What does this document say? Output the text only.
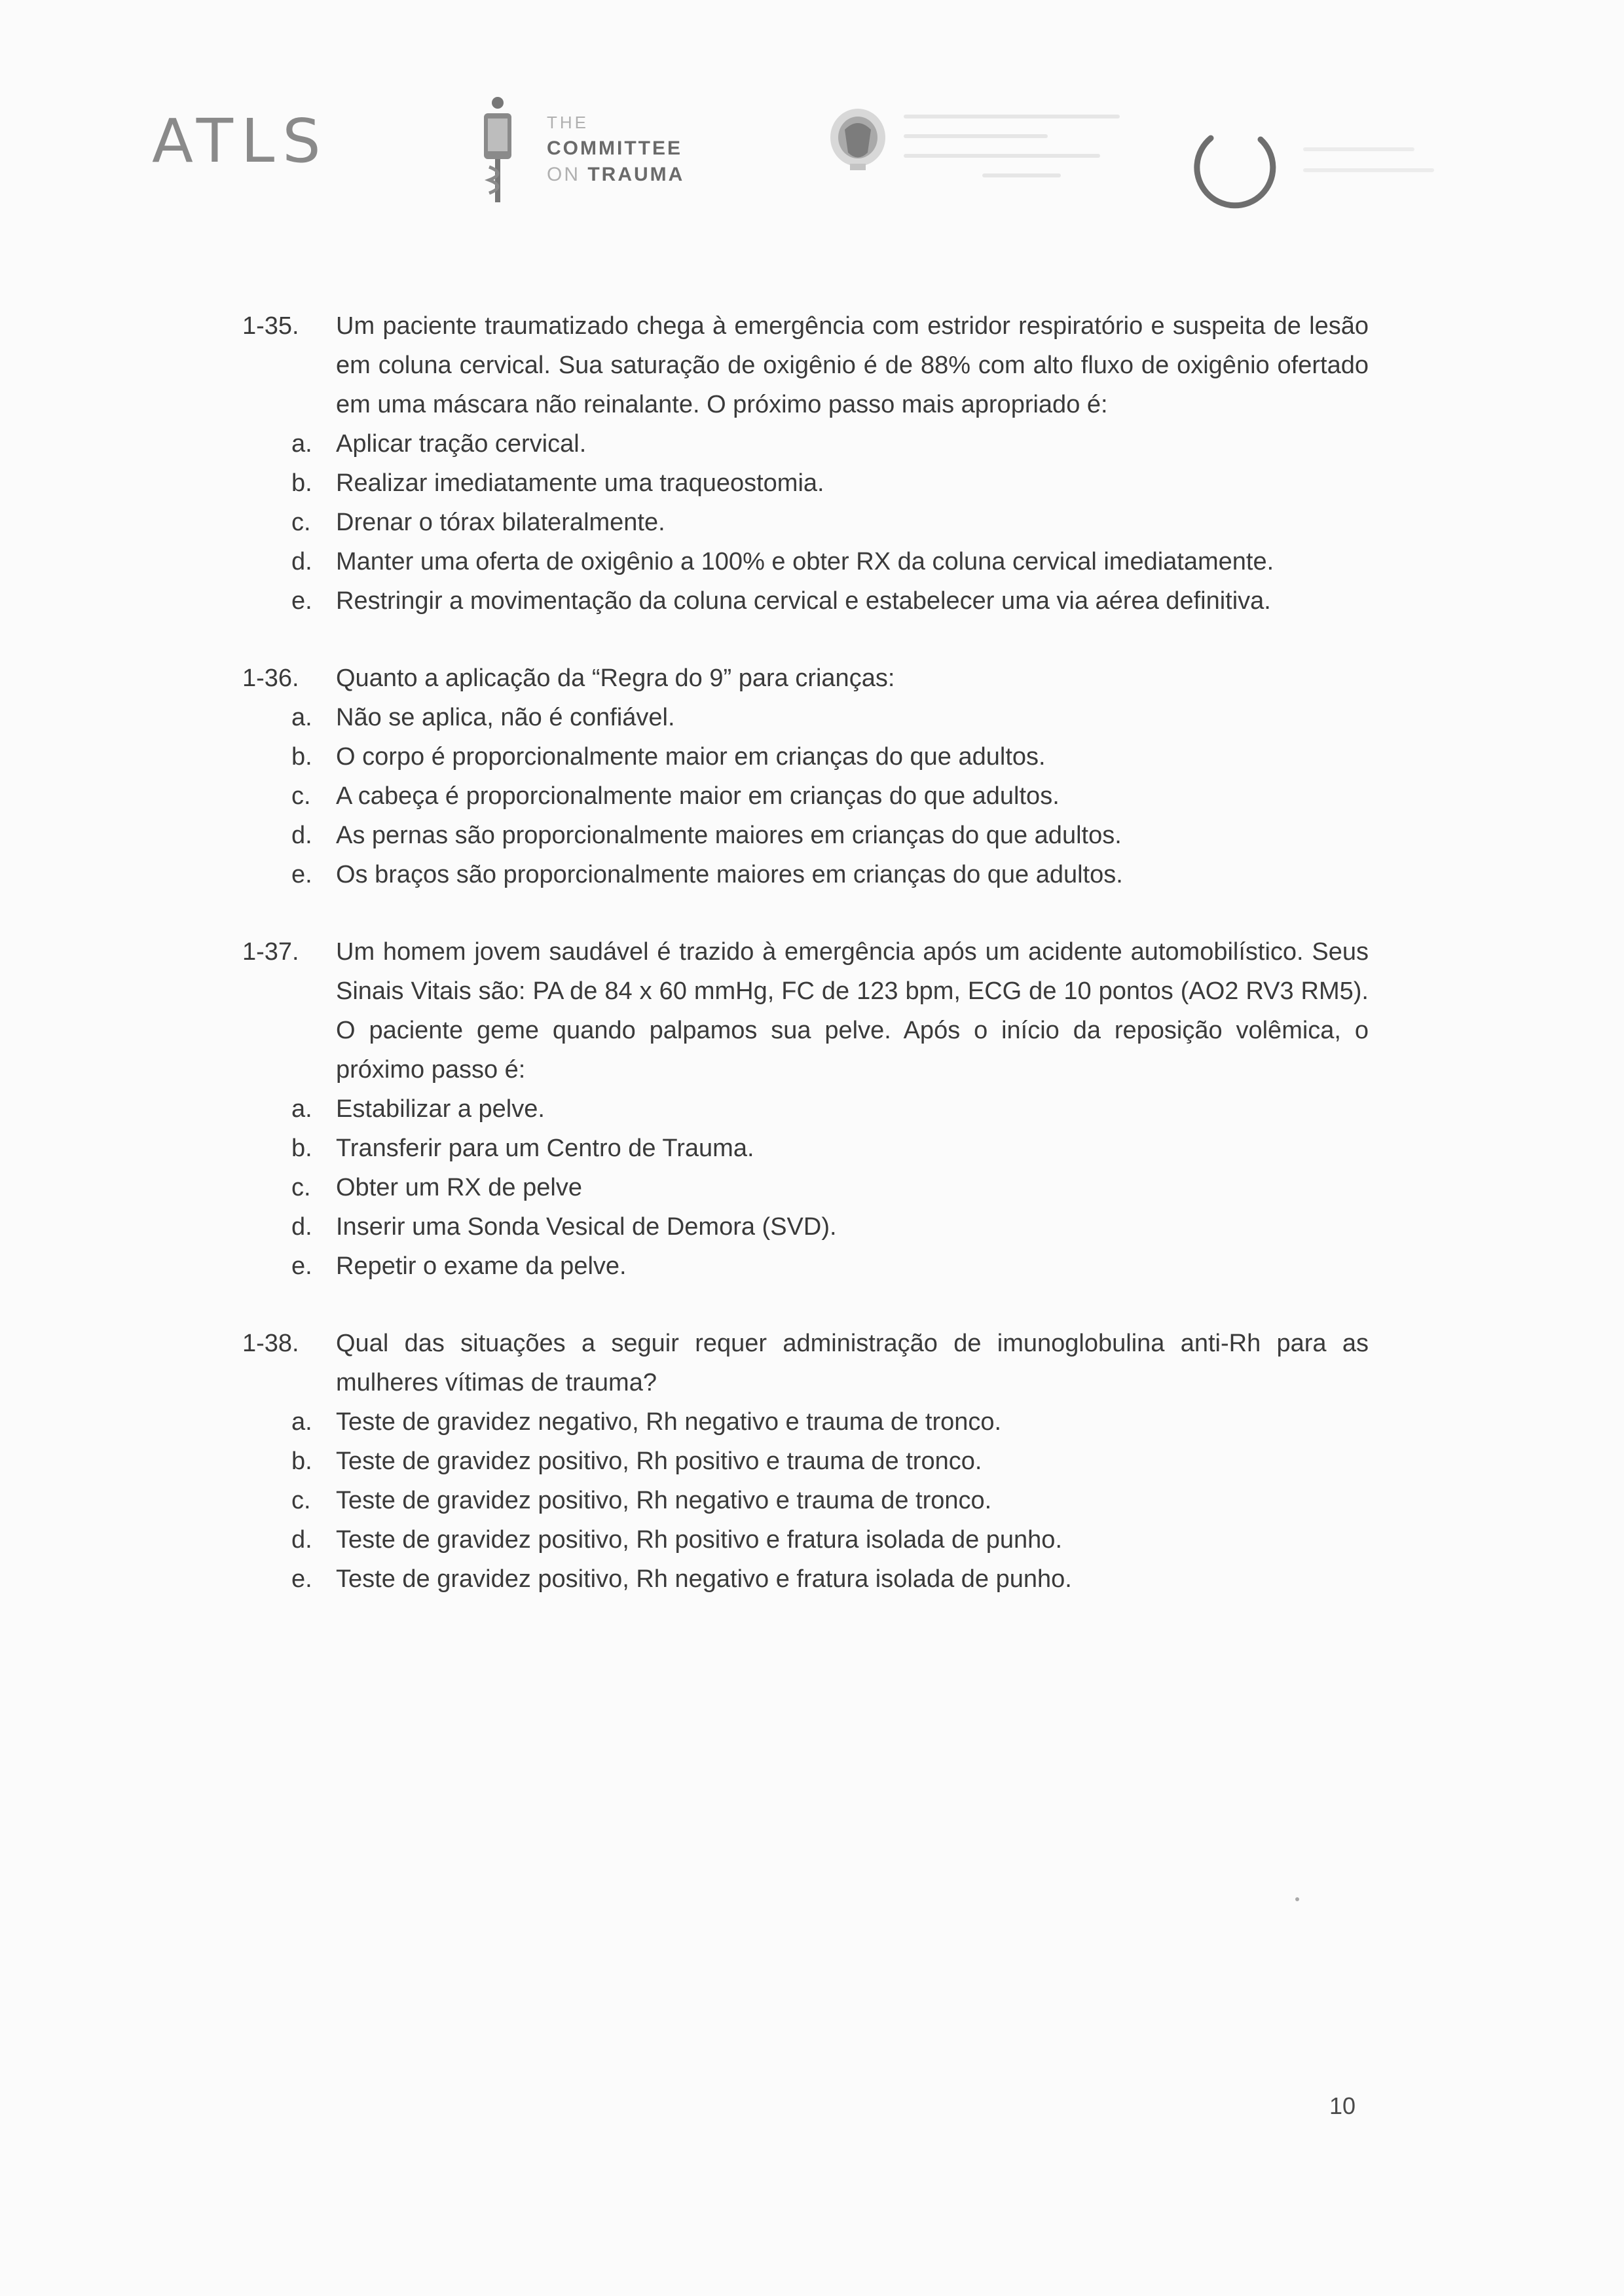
ATLS	THE
COMMITTEE
ON TRAUMA
1-35.	Um paciente traumatizado chega à emergência com estridor respiratório e suspeita de lesão em coluna cervical. Sua saturação de oxigênio é de 88% com alto fluxo de oxigênio ofertado em uma máscara não reinalante. O próximo passo mais apropriado é:
a. Aplicar tração cervical.
b. Realizar imediatamente uma traqueostomia.
c.	Drenar o tórax bilateralmente.
d. Manter uma oferta de oxigênio a 100% e obter RX da coluna cervical imediatamente.
e. Restringir a movimentação da coluna cervical e estabelecer uma via aérea definitiva.
1-36.	Quanto a aplicação da “Regra do 9” para crianças:
a. Não se aplica, não é confiável.
b. O corpo é proporcionalmente maior em crianças do que adultos.
c.	A cabeça é proporcionalmente maior em crianças do que adultos.
d. As pernas são proporcionalmente maiores em crianças do que adultos.
e. Os braços são proporcionalmente maiores em crianças do que adultos.
1-37.	Um homem jovem saudável é trazido à emergência após um acidente automobilístico. Seus Sinais Vitais são: PA de 84 x 60 mmHg, FC de 123 bpm, ECG de 10 pontos (AO2 RV3 RM5). O paciente geme quando palpamos sua pelve. Após o início da reposição volêmica, o próximo passo é:
a. Estabilizar a pelve.
b. Transferir para um Centro de Trauma.
c.	Obter um RX de pelve
d. Inserir uma Sonda Vesical de Demora (SVD).
e. Repetir o exame da pelve.
1-38.	Qual das situações a seguir requer administração de imunoglobulina anti-Rh para as mulheres vítimas de trauma?
a. Teste de gravidez negativo, Rh negativo e trauma de tronco.
b. Teste de gravidez positivo, Rh positivo e trauma de tronco.
c.	Teste de gravidez positivo, Rh negativo e trauma de tronco.
d. Teste de gravidez positivo, Rh positivo e fratura isolada de punho.
e. Teste de gravidez positivo, Rh negativo e fratura isolada de punho.
10
